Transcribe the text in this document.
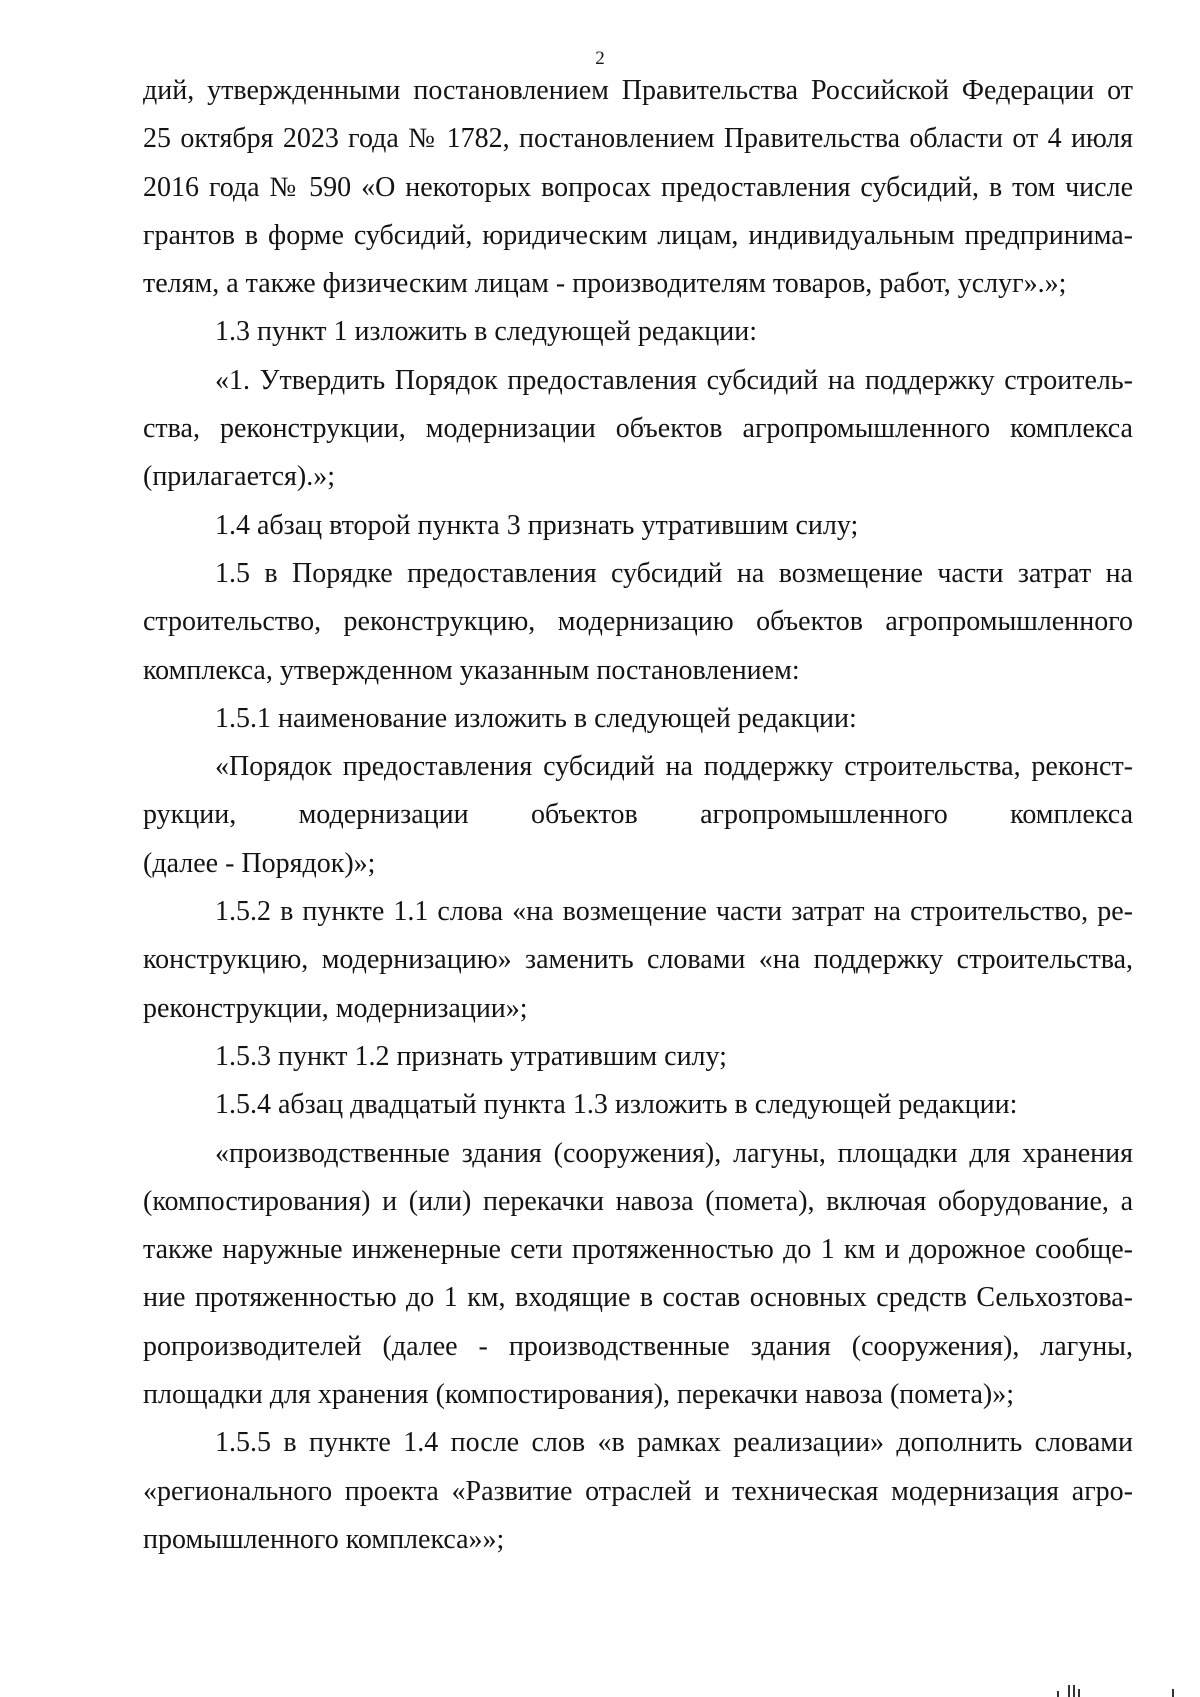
2

дий, утвержденными постановлением Правительства Российской Федерации от
25 октября 2023 года № 1782, постановлением Правительства области от 4 июля
2016 года № 590 «О некоторых вопросах предоставления субсидий, в том числе
грантов в форме субсидий, юридическим лицам, индивидуальным предпринима-
телям, а также физическим лицам - производителям товаров, работ, услуг».»;

1.3 пункт 1 изложить в следующей редакции:

«1. Утвердить Порядок предоставления субсидий на поддержку строитель-
ства, реконструкции, модернизации объектов агропромышленного комплекса
(прилагается).»;

1.4 абзац второй пункта 3 признать утратившим силу;

1.5 в Порядке предоставления субсидий на возмещение части затрат на
строительство, реконструкцию, модернизацию объектов агропромышленного
комплекса, утвержденном указанным постановлением:

1.5.1 наименование изложить в следующей редакции:

«Порядок предоставления субсидий на поддержку строительства, реконст-
рукции, модернизации объектов агропромышленного комплекса
(далее - Порядок)»;

1.5.2 в пункте 1.1 слова «на возмещение части затрат на строительство, ре-
конструкцию, модернизацию» заменить словами «на поддержку строительства,
реконструкции, модернизации»;

1.5.3 пункт 1.2 признать утратившим силу;

1.5.4 абзац двадцатый пункта 1.3 изложить в следующей редакции:

«производственные здания (сооружения), лагуны, площадки для хранения
(компостирования) и (или) перекачки навоза (помета), включая оборудование, а
также наружные инженерные сети протяженностью до 1 км и дорожное сообще-
ние протяженностью до 1 км, входящие в состав основных средств Сельхозтова-
ропроизводителей (далее - производственные здания (сооружения), лагуны,
площадки для хранения (компостирования), перекачки навоза (помета)»;

1.5.5 в пункте 1.4 после слов «в рамках реализации» дополнить словами
«регионального проекта «Развитие отраслей и техническая модернизация агро-
промышленного комплекса»»;
